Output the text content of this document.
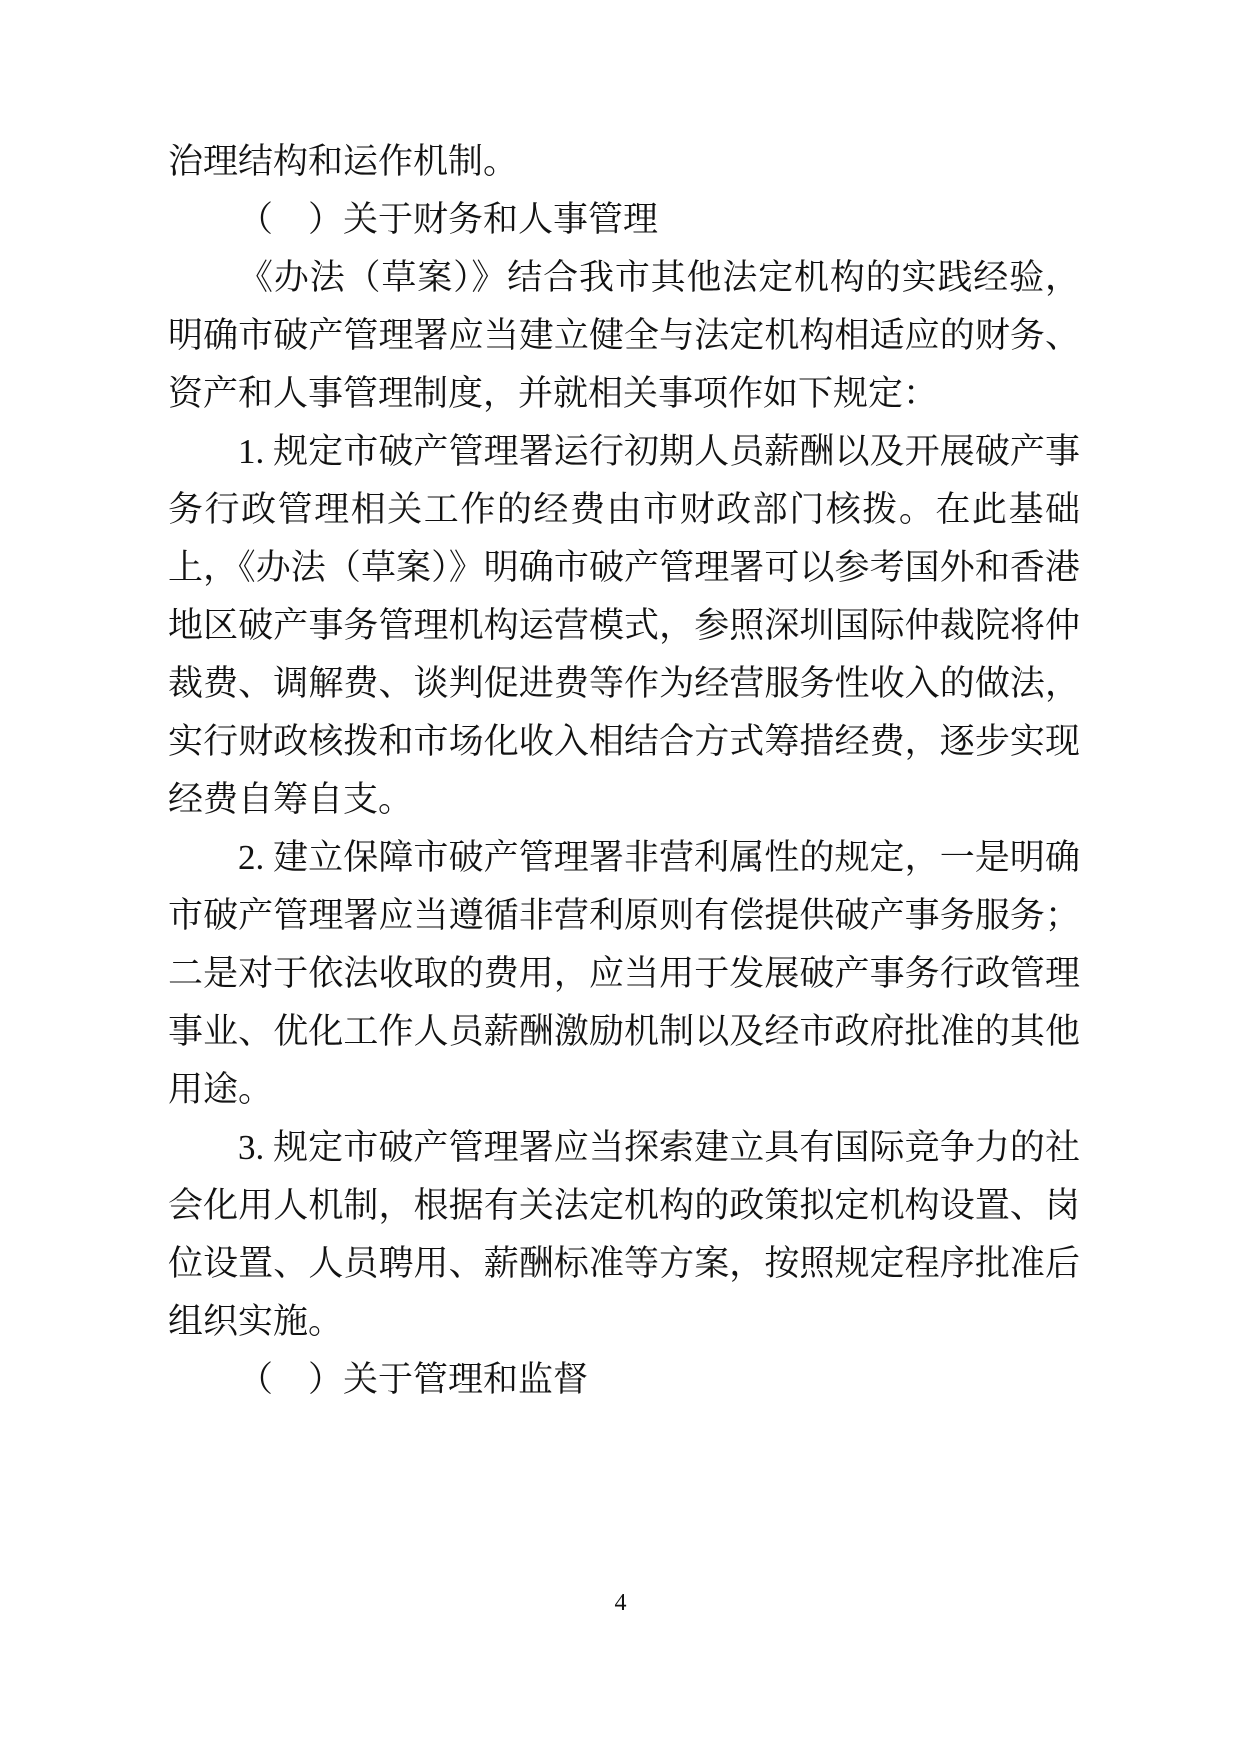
治理结构和运作机制。

（　）关于财务和人事管理

《办法（草案）》结合我市其他法定机构的实践经验，明确市破产管理署应当建立健全与法定机构相适应的财务、资产和人事管理制度，并就相关事项作如下规定：

1. 规定市破产管理署运行初期人员薪酬以及开展破产事务行政管理相关工作的经费由市财政部门核拨。在此基础上，《办法（草案）》明确市破产管理署可以参考国外和香港地区破产事务管理机构运营模式，参照深圳国际仲裁院将仲裁费、调解费、谈判促进费等作为经营服务性收入的做法，实行财政核拨和市场化收入相结合方式筹措经费，逐步实现经费自筹自支。

2. 建立保障市破产管理署非营利属性的规定，一是明确市破产管理署应当遵循非营利原则有偿提供破产事务服务；二是对于依法收取的费用，应当用于发展破产事务行政管理事业、优化工作人员薪酬激励机制以及经市政府批准的其他用途。

3. 规定市破产管理署应当探索建立具有国际竞争力的社会化用人机制，根据有关法定机构的政策拟定机构设置、岗位设置、人员聘用、薪酬标准等方案，按照规定程序批准后组织实施。

（　）关于管理和监督

4
